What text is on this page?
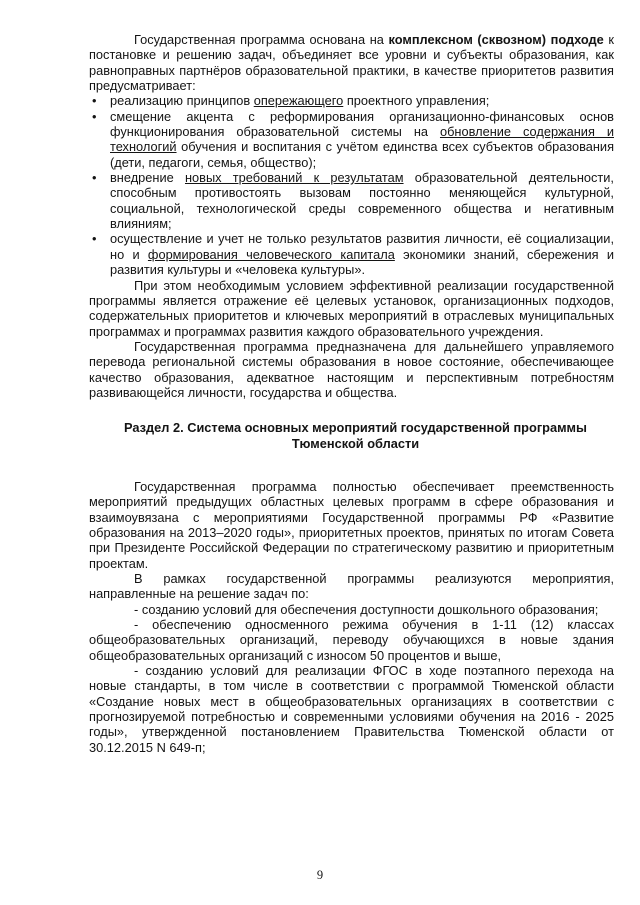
Государственная программа основана на комплексном (сквозном) подходе к постановке и решению задач, объединяет все уровни и субъекты образования, как равноправных партнёров образовательной практики, в качестве приоритетов развития предусматривает:

• реализацию принципов опережающего проектного управления;
• смещение акцента с реформирования организационно-финансовых основ функционирования образовательной системы на обновление содержания и технологий обучения и воспитания с учётом единства всех субъектов образования (дети, педагоги, семья, общество);
• внедрение новых требований к результатам образовательной деятельности, способным противостоять вызовам постоянно меняющейся культурной, социальной, технологической среды современного общества и негативным влияниям;
• осуществление и учет не только результатов развития личности, её социализации, но и формирования человеческого капитала экономики знаний, сбережения и развития культуры и «человека культуры».

При этом необходимым условием эффективной реализации государственной программы является отражение её целевых установок, организационных подходов, содержательных приоритетов и ключевых мероприятий в отраслевых муниципальных программах и программах развития каждого образовательного учреждения.

Государственная программа предназначена для дальнейшего управляемого перевода региональной системы образования в новое состояние, обеспечивающее качество образования, адекватное настоящим и перспективным потребностям развивающейся личности, государства и общества.

Раздел 2. Система основных мероприятий государственной программы Тюменской области

Государственная программа полностью обеспечивает преемственность мероприятий предыдущих областных целевых программ в сфере образования и взаимоувязана с мероприятиями Государственной программы РФ «Развитие образования на 2013–2020 годы», приоритетных проектов, принятых по итогам Совета при Президенте Российской Федерации по стратегическому развитию и приоритетным проектам.

В рамках государственной программы реализуются мероприятия, направленные на решение задач по:

- созданию условий для обеспечения доступности дошкольного образования;

- обеспечению односменного режима обучения в 1-11 (12) классах общеобразовательных организаций, переводу обучающихся в новые здания общеобразовательных организаций с износом 50 процентов и выше,

- созданию условий для реализации ФГОС в ходе поэтапного перехода на новые стандарты, в том числе в соответствии с программой Тюменской области «Создание новых мест в общеобразовательных организациях в соответствии с прогнозируемой потребностью и современными условиями обучения на 2016 - 2025 годы», утвержденной постановлением Правительства Тюменской области от 30.12.2015 N 649-п;

9
